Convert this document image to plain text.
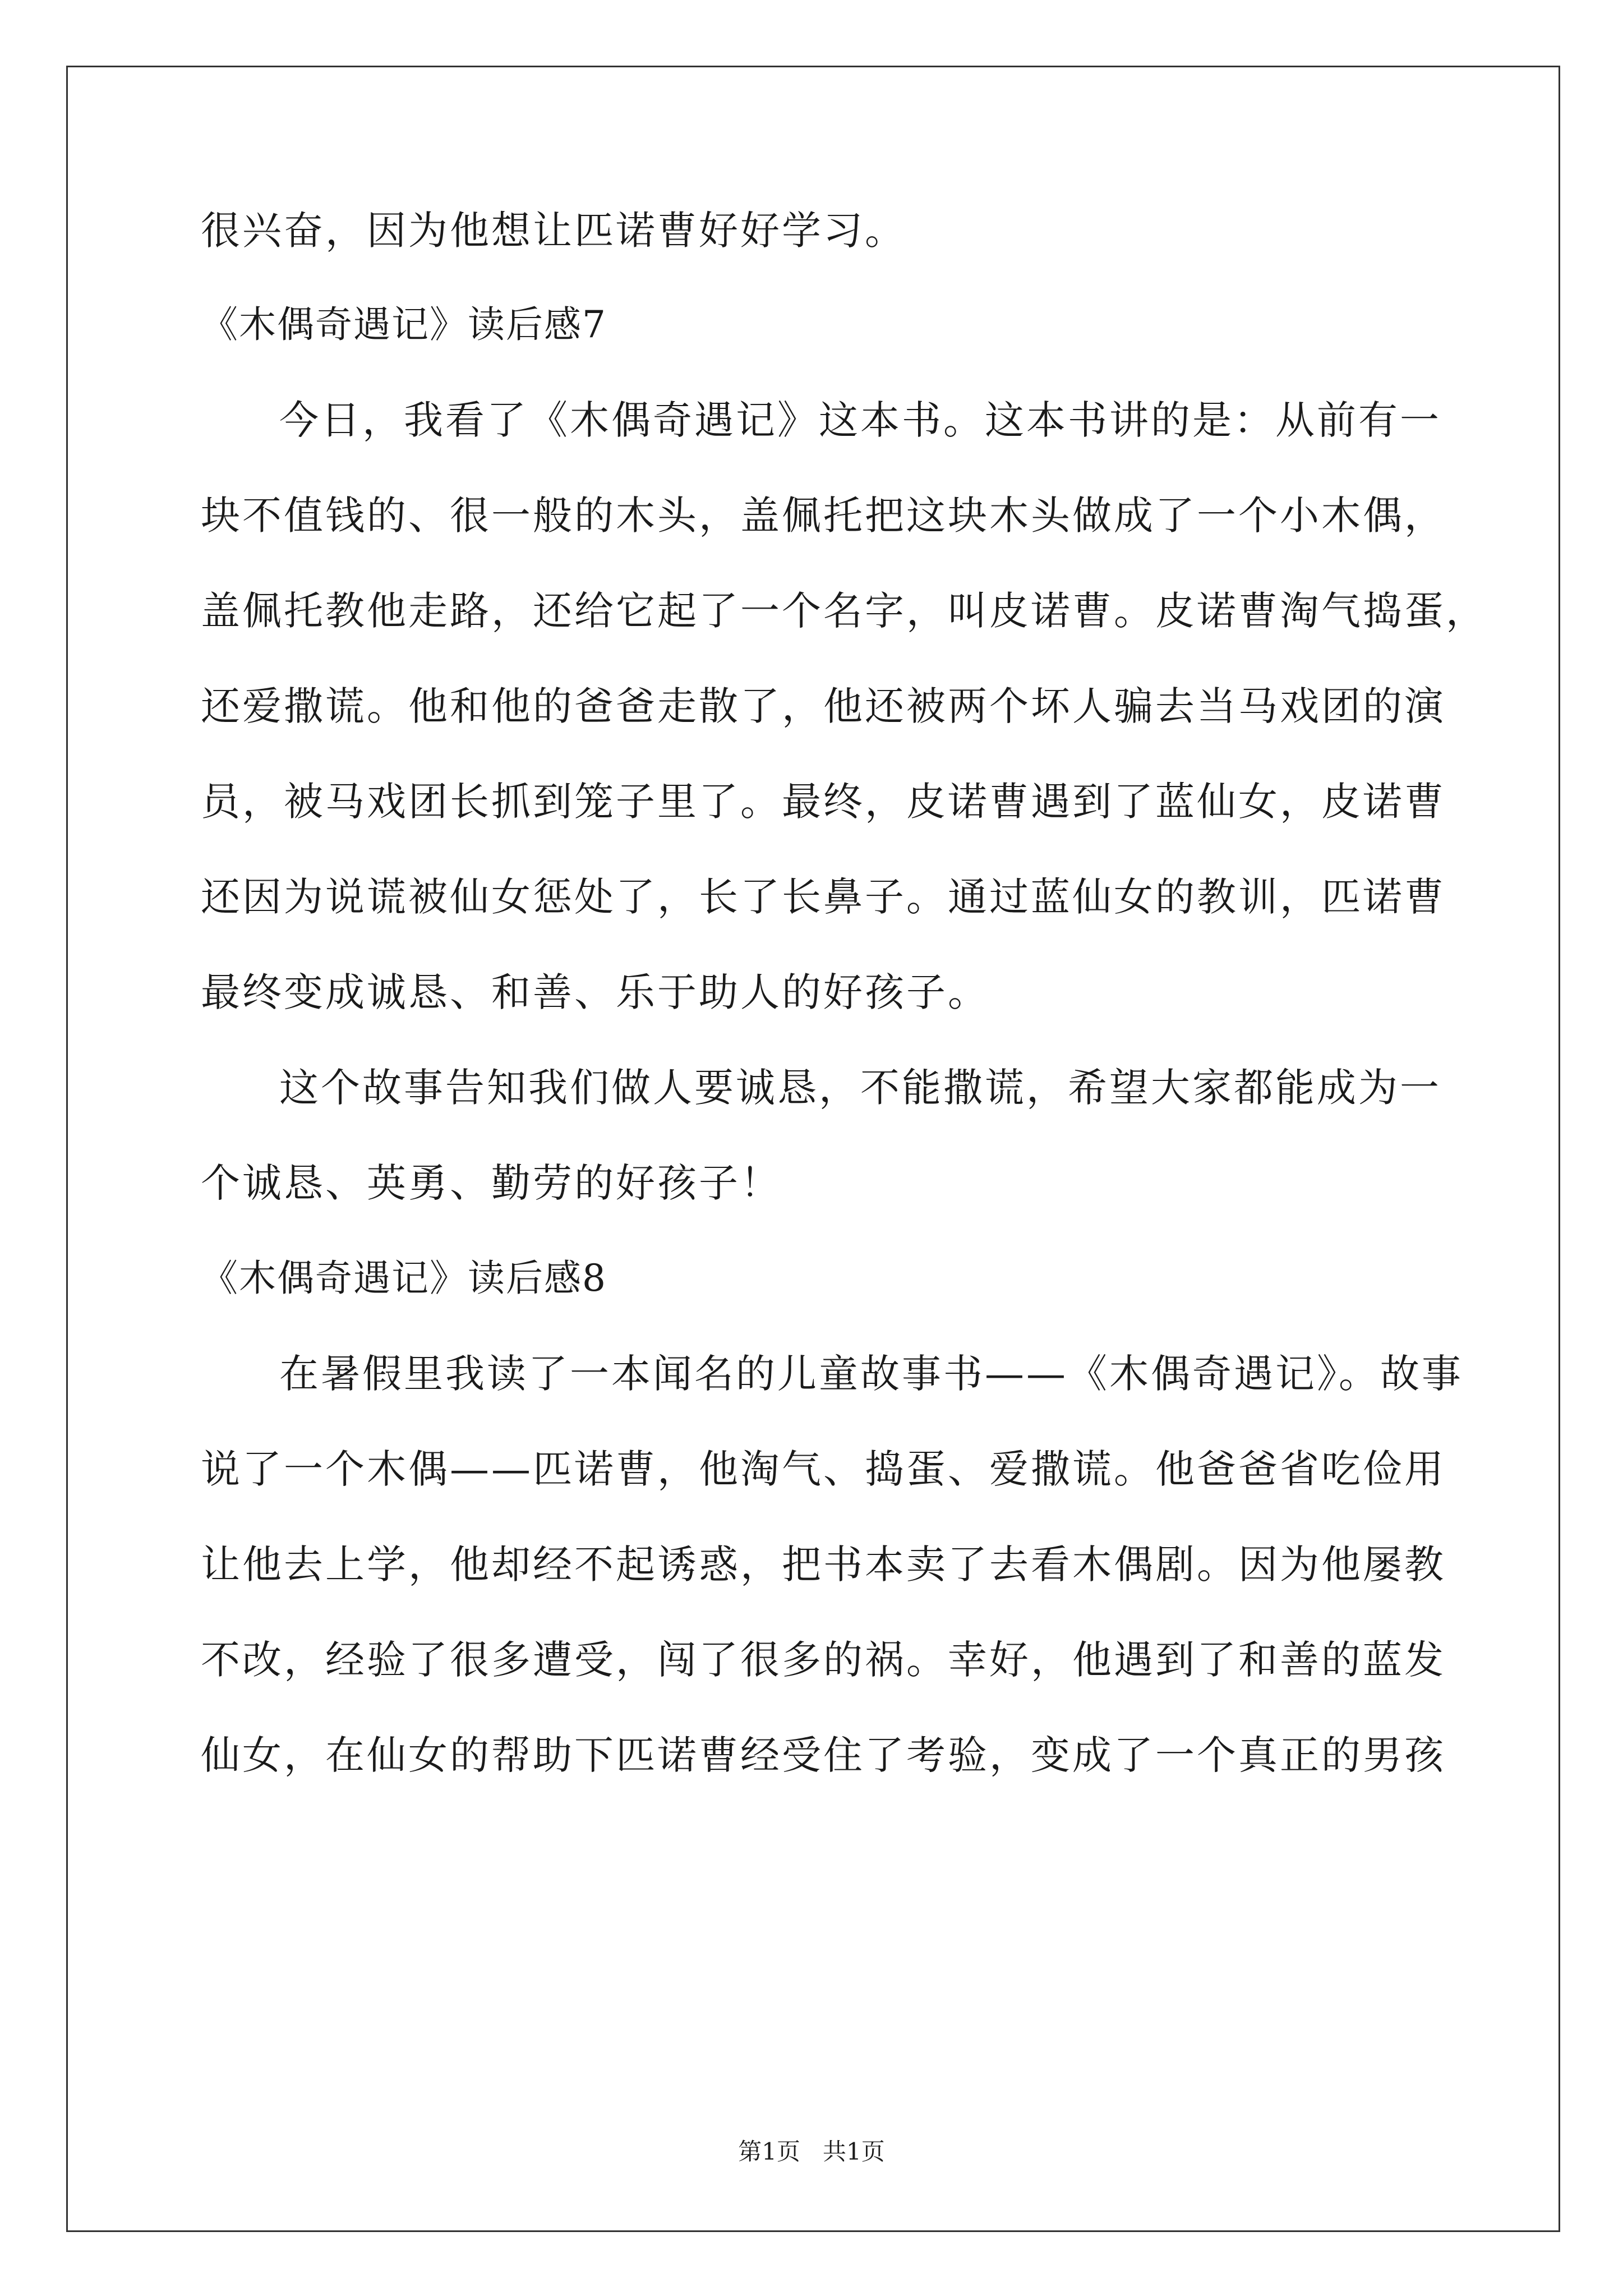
很兴奋，因为他想让匹诺曹好好学习。
《木偶奇遇记》读后感7
今日，我看了《木偶奇遇记》这本书。这本书讲的是：从前有一
块不值钱的、很一般的木头，盖佩托把这块木头做成了一个小木偶，
盖佩托教他走路，还给它起了一个名字，叫皮诺曹。皮诺曹淘气捣蛋，
还爱撒谎。他和他的爸爸走散了，他还被两个坏人骗去当马戏团的演
员，被马戏团长抓到笼子里了。最终，皮诺曹遇到了蓝仙女，皮诺曹
还因为说谎被仙女惩处了，长了长鼻子。通过蓝仙女的教训，匹诺曹
最终变成诚恳、和善、乐于助人的好孩子。
这个故事告知我们做人要诚恳，不能撒谎，希望大家都能成为一
个诚恳、英勇、勤劳的好孩子！
《木偶奇遇记》读后感8
在暑假里我读了一本闻名的儿童故事书——《木偶奇遇记》。故事
说了一个木偶——匹诺曹，他淘气、捣蛋、爱撒谎。他爸爸省吃俭用
让他去上学，他却经不起诱惑，把书本卖了去看木偶剧。因为他屡教
不改，经验了很多遭受，闯了很多的祸。幸好，他遇到了和善的蓝发
仙女，在仙女的帮助下匹诺曹经受住了考验，变成了一个真正的男孩
第1页   共1页
